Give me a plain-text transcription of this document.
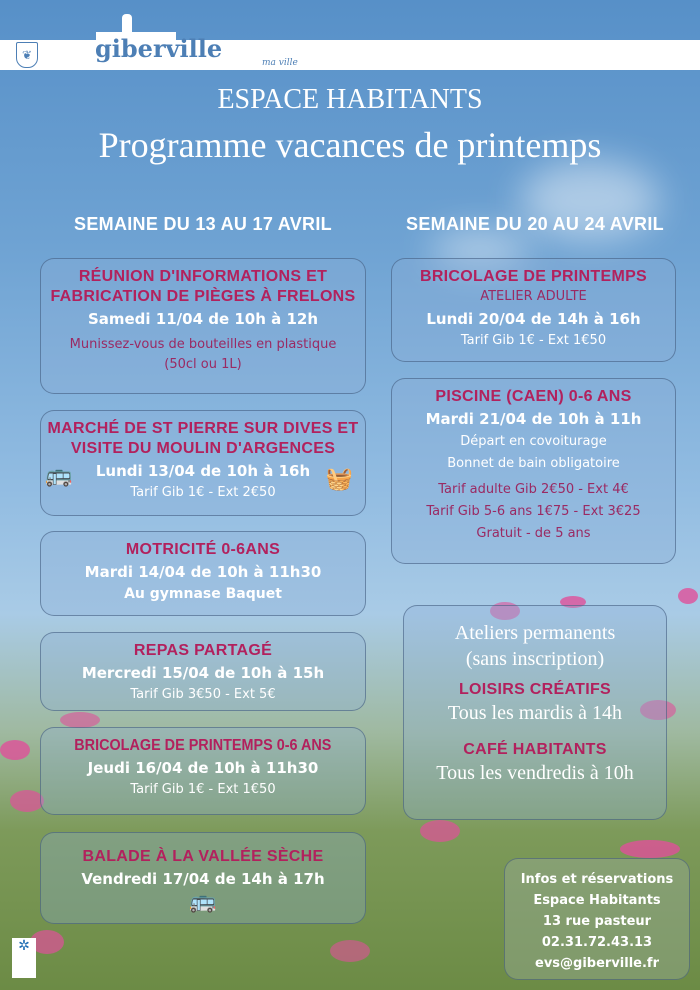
❦	giberville	ma ville
ESPACE HABITANTS
Programme vacances de printemps
SEMAINE DU 13 AU 17 AVRIL	SEMAINE DU 20 AU 24 AVRIL
RÉUNION D'INFORMATIONS ET FABRICATION DE PIÈGES À FRELONS
Samedi 11/04 de 10h à 12h
Munissez-vous de bouteilles en plastique
(50cl ou 1L)
MARCHÉ DE ST PIERRE SUR DIVES ET VISITE DU MOULIN D'ARGENCES
Lundi 13/04 de 10h à 16h
Tarif Gib 1€ - Ext 2€50
🚌	🧺
MOTRICITÉ 0-6ANS
Mardi 14/04 de 10h à 11h30
Au gymnase Baquet
REPAS PARTAGÉ
Mercredi 15/04 de 10h à 15h
Tarif Gib 3€50 - Ext 5€
BRICOLAGE DE PRINTEMPS 0-6 ANS
Jeudi 16/04 de 10h à 11h30
Tarif Gib 1€ - Ext 1€50
BALADE À LA VALLÉE SÈCHE
Vendredi 17/04 de 14h à 17h
🚌
BRICOLAGE DE PRINTEMPS
ATELIER ADULTE
Lundi 20/04 de 14h à 16h
Tarif Gib 1€ - Ext 1€50
PISCINE (CAEN) 0-6 ANS
Mardi 21/04 de 10h à 11h
Départ en covoiturage
Bonnet de bain obligatoire
Tarif adulte Gib 2€50 - Ext 4€
Tarif Gib 5-6 ans 1€75 - Ext 3€25
Gratuit - de 5 ans
Ateliers permanents
(sans inscription)
LOISIRS CRÉATIFS
Tous les mardis à 14h
CAFÉ HABITANTS
Tous les vendredis à 10h
Infos et réservations
Espace Habitants
13 rue pasteur
02.31.72.43.13
evs@giberville.fr
✲
